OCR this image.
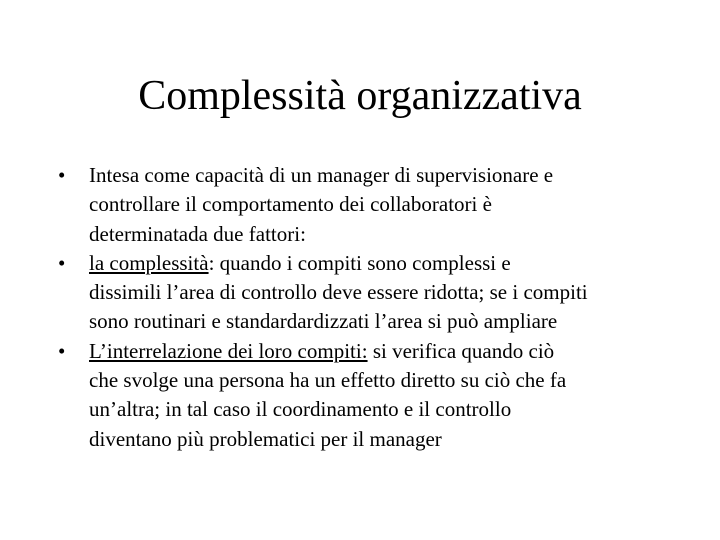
Complessità organizzativa
•	Intesa come capacità di un manager di supervisionare e
controllare il comportamento dei collaboratori è
determinatada due fattori:
•	la complessità: quando i compiti sono complessi e
dissimili l’area di controllo deve essere ridotta; se i compiti
sono routinari e standardardizzati l’area si può ampliare
•	L’interrelazione dei loro compiti: si verifica quando ciò
che svolge una persona ha un effetto diretto su ciò che fa
un’altra; in tal caso il coordinamento e il controllo
diventano più problematici per il manager
